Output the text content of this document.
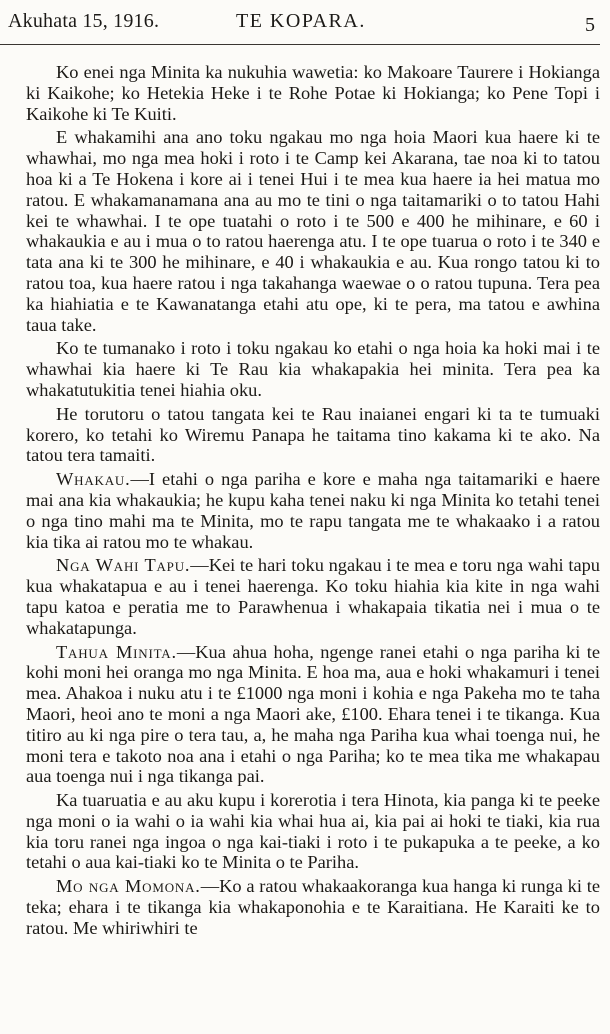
Akuhata 15, 1916.	TE KOPARA.	5

Ko enei nga Minita ka nukuhia wawetia: ko Makoare Taurere i Hokianga ki Kaikohe; ko Hetekia Heke i te Rohe Potae ki Hokianga; ko Pene Topi i Kaikohe ki Te Kuiti.

E whakamihi ana ano toku ngakau mo nga hoia Maori kua haere ki te whawhai, mo nga mea hoki i roto i te Camp kei Akarana, tae noa ki to tatou hoa ki a Te Hokena i kore ai i tenei Hui i te mea kua haere ia hei matua mo ratou. E whakamanamana ana au mo te tini o nga taitamariki o to tatou Hahi kei te whawhai. I te ope tuatahi o roto i te 500 e 400 he mihinare, e 60 i whakaukia e au i mua o to ratou haerenga atu. I te ope tuarua o roto i te 340 e tata ana ki te 300 he mihinare, e 40 i whakaukia e au. Kua rongo tatou ki to ratou toa, kua haere ratou i nga takahanga waewae o o ratou tupuna. Tera pea ka hiahiatia e te Kawanatanga etahi atu ope, ki te pera, ma tatou e awhina taua take.

Ko te tumanako i roto i toku ngakau ko etahi o nga hoia ka hoki mai i te whawhai kia haere ki Te Rau kia whakapakia hei minita. Tera pea ka whakatutukitia tenei hiahia oku.

He torutoru o tatou tangata kei te Rau inaianei engari ki ta te tumuaki korero, ko tetahi ko Wiremu Panapa he taitama tino kakama ki te ako. Na tatou tera tamaiti.

Whakau.—I etahi o nga pariha e kore e maha nga taitamariki e haere mai ana kia whakaukia; he kupu kaha tenei naku ki nga Minita ko tetahi tenei o nga tino mahi ma te Minita, mo te rapu tangata me te whakaako i a ratou kia tika ai ratou mo te whakau.

Nga Wahi Tapu.—Kei te hari toku ngakau i te mea e toru nga wahi tapu kua whakatapua e au i tenei haerenga. Ko toku hiahia kia kite in nga wahi tapu katoa e peratia me to Parawhenua i whakapaia tikatia nei i mua o te whakatapunga.

Tahua Minita.—Kua ahua hoha, ngenge ranei etahi o nga pariha ki te kohi moni hei oranga mo nga Minita. E hoa ma, aua e hoki whakamuri i tenei mea. Ahakoa i nuku atu i te £1000 nga moni i kohia e nga Pakeha mo te taha Maori, heoi ano te moni a nga Maori ake, £100. Ehara tenei i te tikanga. Kua titiro au ki nga pire o tera tau, a, he maha nga Pariha kua whai toenga nui, he moni tera e takoto noa ana i etahi o nga Pariha; ko te mea tika me whakapau aua toenga nui i nga tikanga pai.

Ka tuaruatia e au aku kupu i korerotia i tera Hinota, kia panga ki te peeke nga moni o ia wahi o ia wahi kia whai hua ai, kia pai ai hoki te tiaki, kia rua kia toru ranei nga ingoa o nga kai-tiaki i roto i te pukapuka a te peeke, a ko tetahi o aua kai-tiaki ko te Minita o te Pariha.

Mo nga Momona.—Ko a ratou whakaakoranga kua hanga ki runga ki te teka; ehara i te tikanga kia whakaponohia e te Karaitiana. He Karaiti ke to ratou. Me whiriwhiri te
